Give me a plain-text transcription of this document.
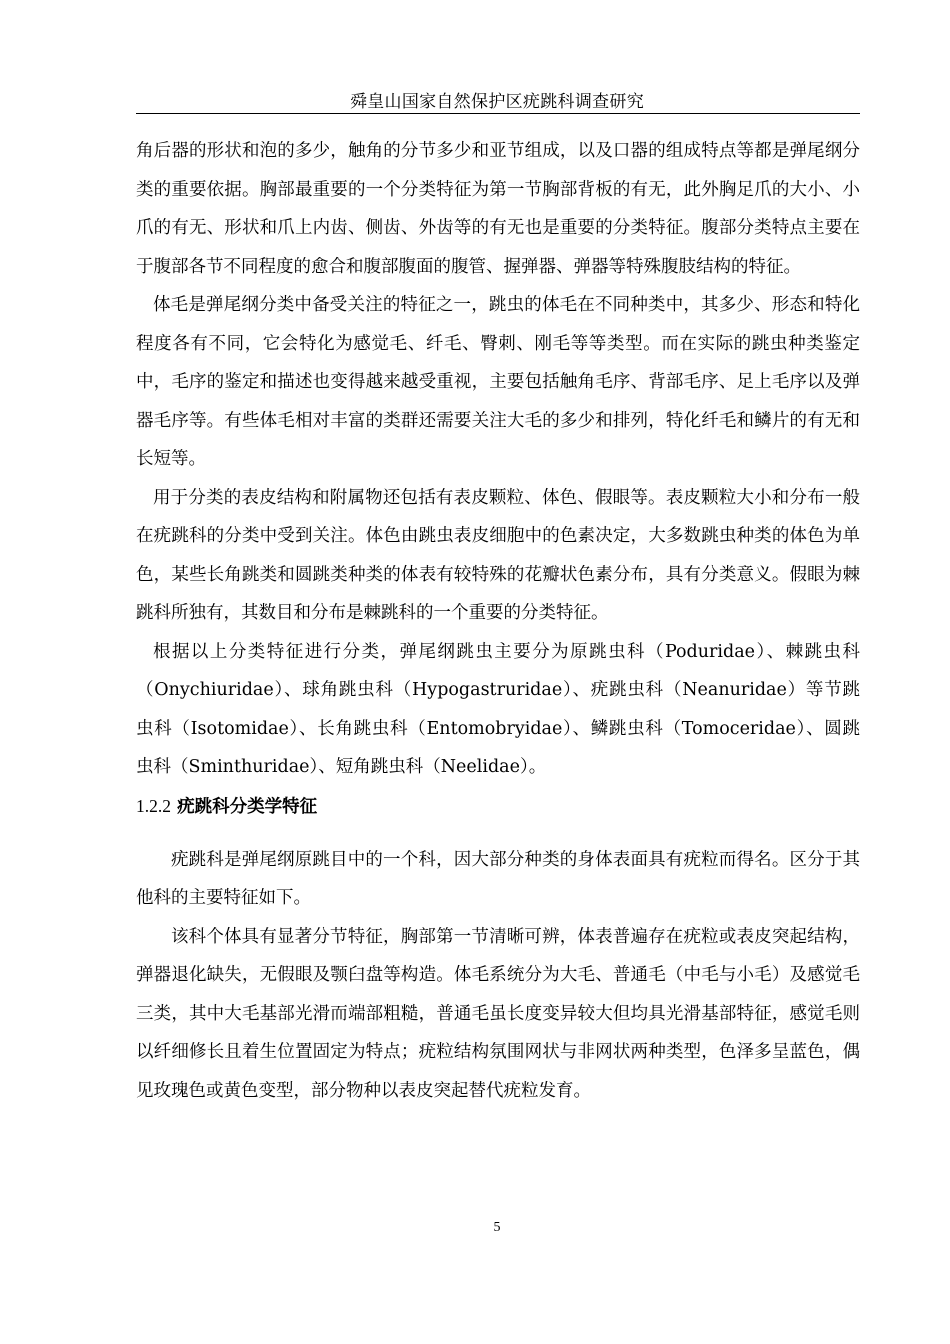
舜皇山国家自然保护区疣跳科调查研究

角后器的形状和泡的多少，触角的分节多少和亚节组成，以及口器的组成特点等都是弹尾纲分类的重要依据。胸部最重要的一个分类特征为第一节胸部背板的有无，此外胸足爪的大小、小爪的有无、形状和爪上内齿、侧齿、外齿等的有无也是重要的分类特征。腹部分类特点主要在于腹部各节不同程度的愈合和腹部腹面的腹管、握弹器、弹器等特殊腹肢结构的特征。

体毛是弹尾纲分类中备受关注的特征之一，跳虫的体毛在不同种类中，其多少、形态和特化程度各有不同，它会特化为感觉毛、纤毛、臀刺、刚毛等等类型。而在实际的跳虫种类鉴定中，毛序的鉴定和描述也变得越来越受重视，主要包括触角毛序、背部毛序、足上毛序以及弹器毛序等。有些体毛相对丰富的类群还需要关注大毛的多少和排列，特化纤毛和鳞片的有无和长短等。

用于分类的表皮结构和附属物还包括有表皮颗粒、体色、假眼等。表皮颗粒大小和分布一般在疣跳科的分类中受到关注。体色由跳虫表皮细胞中的色素决定，大多数跳虫种类的体色为单色，某些长角跳类和圆跳类种类的体表有较特殊的花瓣状色素分布，具有分类意义。假眼为棘跳科所独有，其数目和分布是棘跳科的一个重要的分类特征。

根据以上分类特征进行分类，弹尾纲跳虫主要分为原跳虫科（Poduridae）、棘跳虫科（Onychiuridae）、球角跳虫科（Hypogastruridae）、疣跳虫科（Neanuridae）等节跳虫科（Isotomidae）、长角跳虫科（Entomobryidae）、鳞跳虫科（Tomoceridae）、圆跳虫科（Sminthuridae）、短角跳虫科（Neelidae）。

1.2.2 疣跳科分类学特征

疣跳科是弹尾纲原跳目中的一个科，因大部分种类的身体表面具有疣粒而得名。区分于其他科的主要特征如下。

该科个体具有显著分节特征，胸部第一节清晰可辨，体表普遍存在疣粒或表皮突起结构，弹器退化缺失，无假眼及颚臼盘等构造。体毛系统分为大毛、普通毛（中毛与小毛）及感觉毛三类，其中大毛基部光滑而端部粗糙，普通毛虽长度变异较大但均具光滑基部特征，感觉毛则以纤细修长且着生位置固定为特点；疣粒结构氛围网状与非网状两种类型，色泽多呈蓝色，偶见玫瑰色或黄色变型，部分物种以表皮突起替代疣粒发育。

5
